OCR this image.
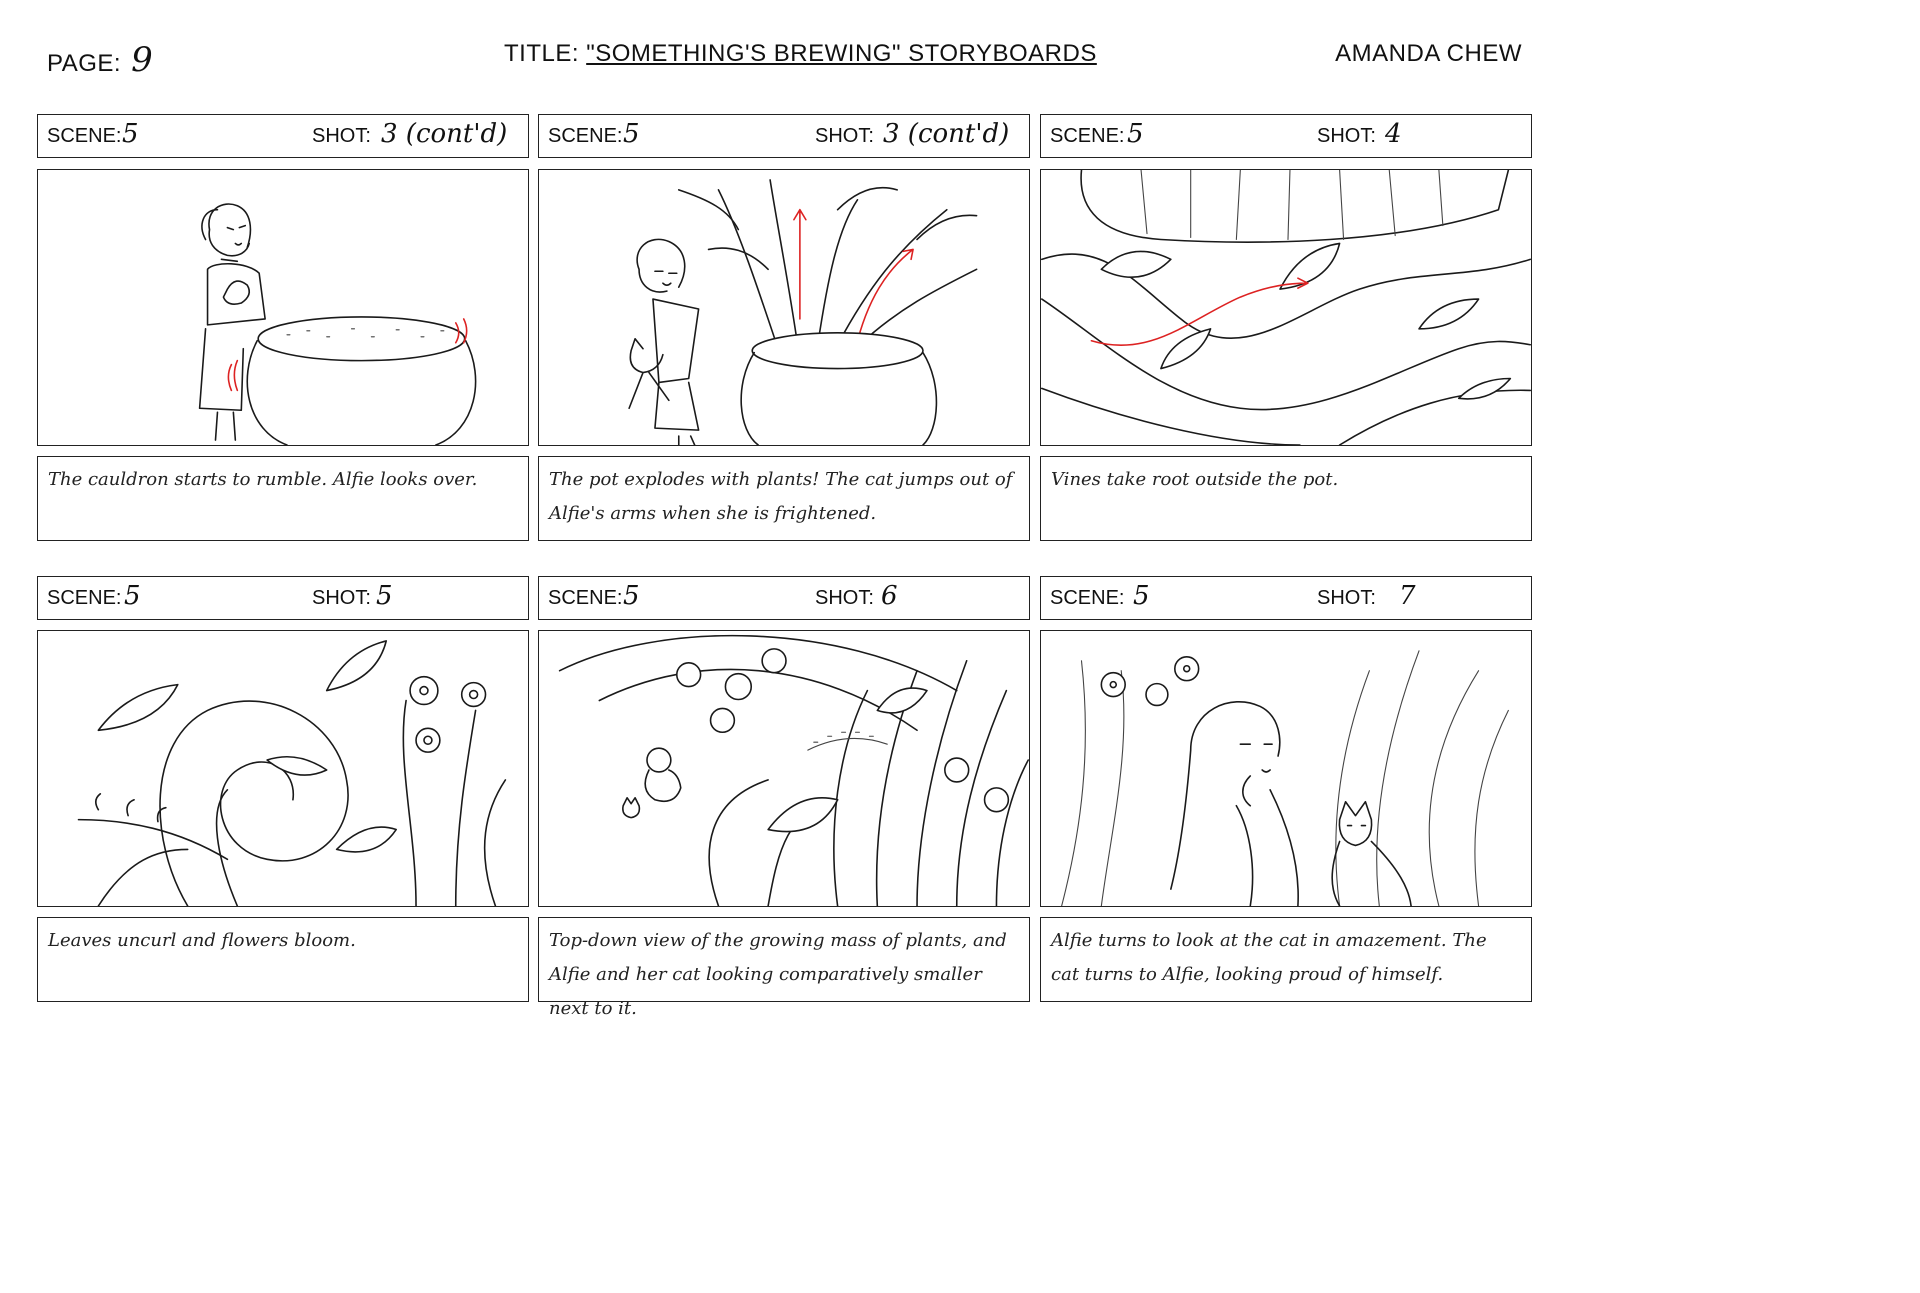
PAGE: 9	TITLE: "SOMETHING'S BREWING" STORYBOARDS	AMANDA CHEW
SCENE: 5	SHOT: 3 (cont'd)
The cauldron starts to rumble. Alfie looks over.
SCENE: 5	SHOT: 3 (cont'd)
The pot explodes with plants! The cat jumps out of Alfie's arms when she is frightened.
SCENE: 5	SHOT: 4
Vines take root outside the pot.
SCENE: 5	SHOT: 5
Leaves uncurl and flowers bloom.
SCENE: 5	SHOT: 6
Top-down view of the growing mass of plants, and Alfie and her cat looking comparatively smaller next to it.
SCENE: 5	SHOT: 7
Alfie turns to look at the cat in amazement. The cat turns to Alfie, looking proud of himself.
